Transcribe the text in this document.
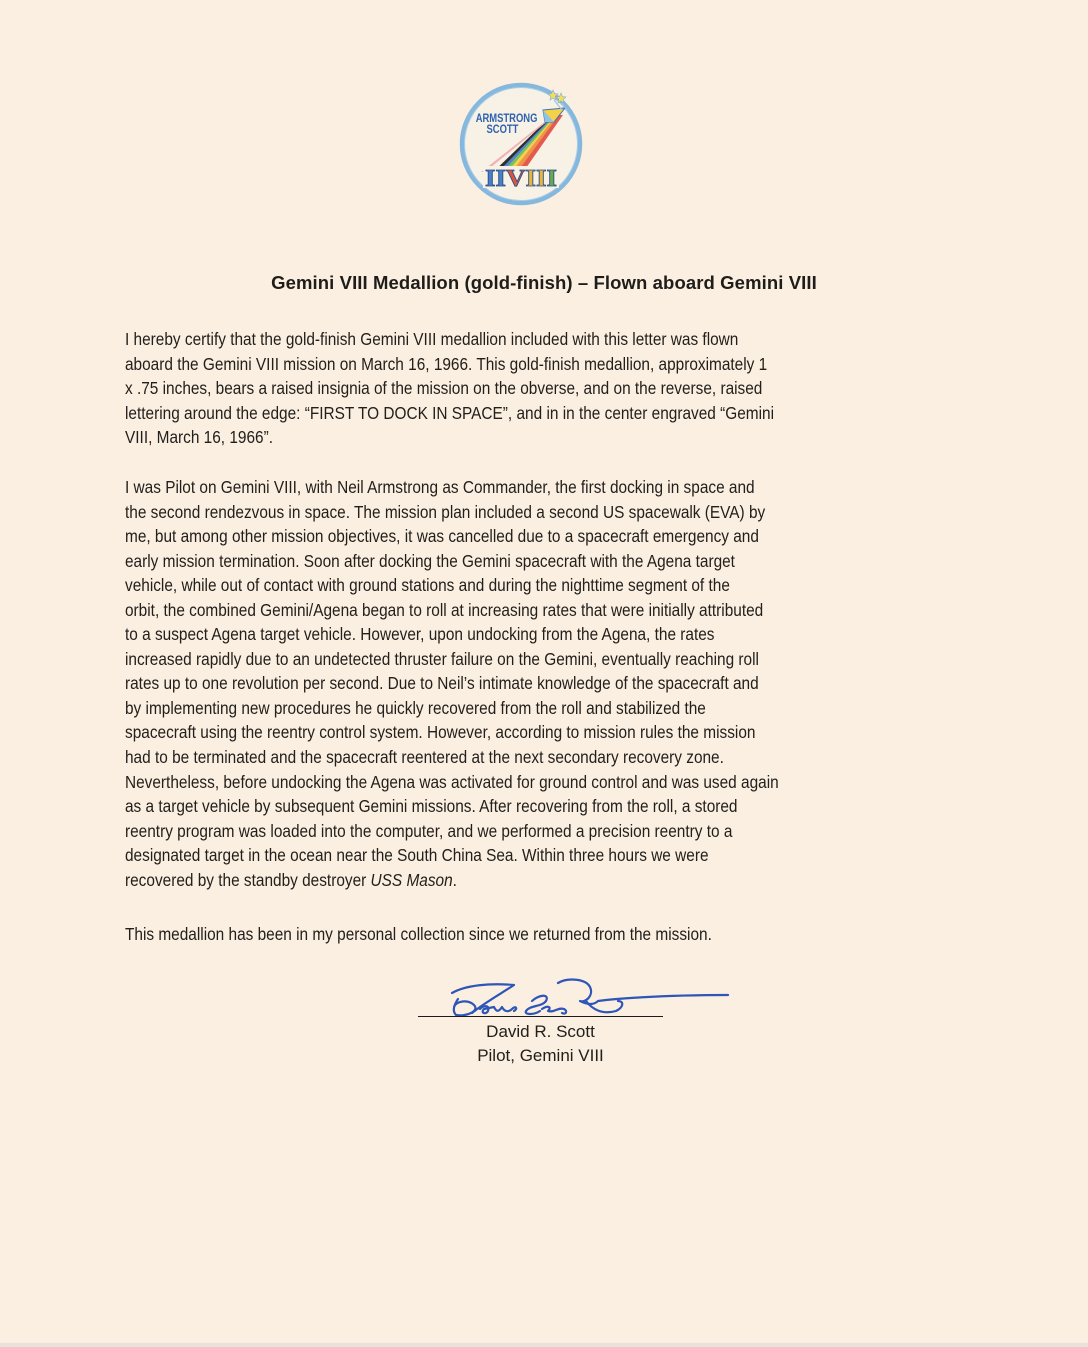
ARMSTRONG
SCOTT
IIVIII
Gemini VIII Medallion (gold-finish) – Flown aboard Gemini VIII
I hereby certify that the gold-finish Gemini VIII medallion included with this letter was flown
aboard the Gemini VIII mission on March 16, 1966. This gold-finish medallion, approximately 1
x .75 inches, bears a raised insignia of the mission on the obverse, and on the reverse, raised
lettering around the edge: “FIRST TO DOCK IN SPACE”, and in in the center engraved “Gemini
VIII, March 16, 1966”.
I was Pilot on Gemini VIII, with Neil Armstrong as Commander, the first docking in space and
the second rendezvous in space. The mission plan included a second US spacewalk (EVA) by
me, but among other mission objectives, it was cancelled due to a spacecraft emergency and
early mission termination. Soon after docking the Gemini spacecraft with the Agena target
vehicle, while out of contact with ground stations and during the nighttime segment of the
orbit, the combined Gemini/Agena began to roll at increasing rates that were initially attributed
to a suspect Agena target vehicle. However, upon undocking from the Agena, the rates
increased rapidly due to an undetected thruster failure on the Gemini, eventually reaching roll
rates up to one revolution per second. Due to Neil’s intimate knowledge of the spacecraft and
by implementing new procedures he quickly recovered from the roll and stabilized the
spacecraft using the reentry control system. However, according to mission rules the mission
had to be terminated and the spacecraft reentered at the next secondary recovery zone.
Nevertheless, before undocking the Agena was activated for ground control and was used again
as a target vehicle by subsequent Gemini missions. After recovering from the roll, a stored
reentry program was loaded into the computer, and we performed a precision reentry to a
designated target in the ocean near the South China Sea. Within three hours we were
recovered by the standby destroyer USS Mason.
This medallion has been in my personal collection since we returned from the mission.
David R. Scott
Pilot, Gemini VIII
